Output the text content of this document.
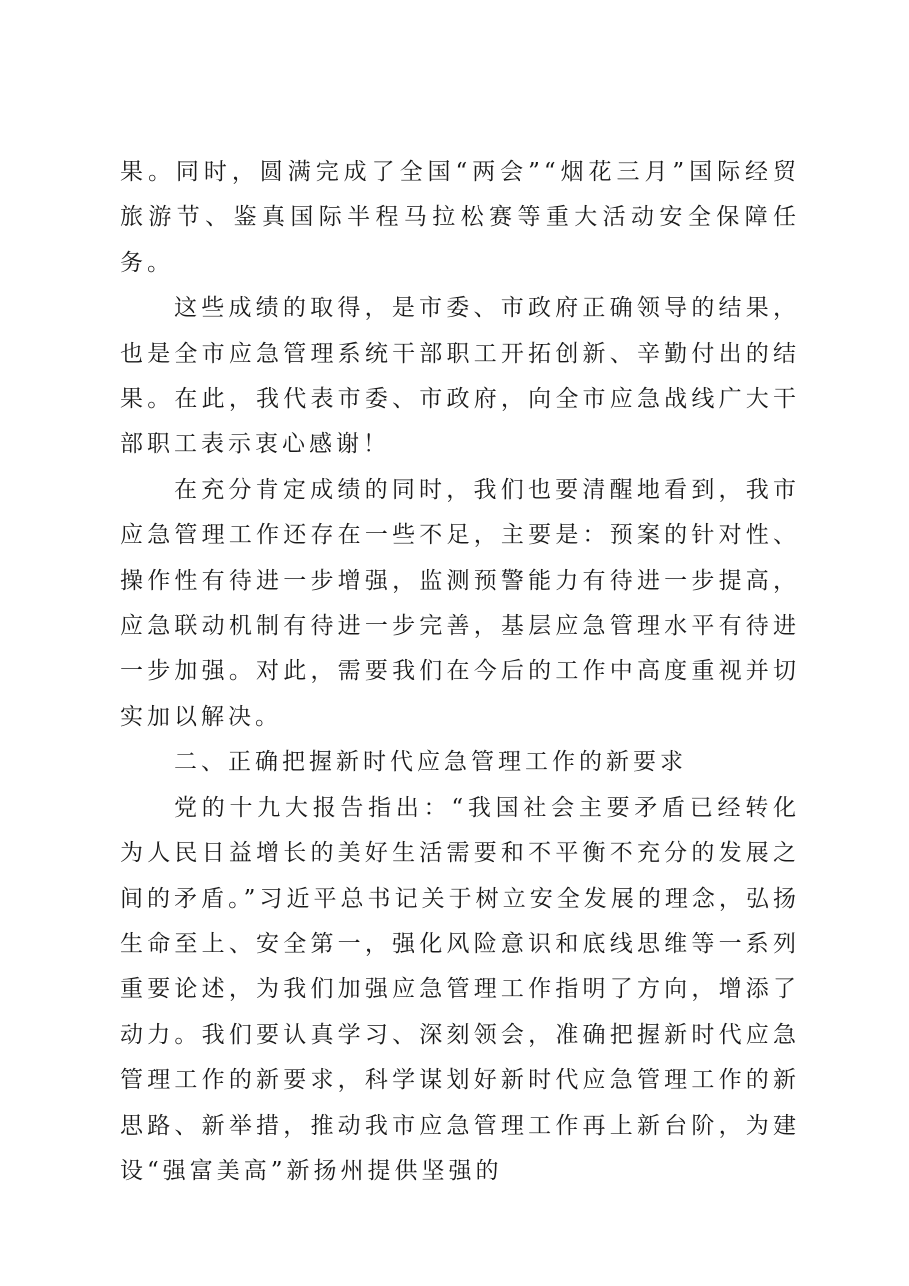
果。同时，圆满完成了全国“两会”“烟花三月”国际经贸旅游节、鉴真国际半程马拉松赛等重大活动安全保障任务。

这些成绩的取得，是市委、市政府正确领导的结果，也是全市应急管理系统干部职工开拓创新、辛勤付出的结果。在此，我代表市委、市政府，向全市应急战线广大干部职工表示衷心感谢！

在充分肯定成绩的同时，我们也要清醒地看到，我市应急管理工作还存在一些不足，主要是：预案的针对性、操作性有待进一步增强，监测预警能力有待进一步提高，应急联动机制有待进一步完善，基层应急管理水平有待进一步加强。对此，需要我们在今后的工作中高度重视并切实加以解决。

二、正确把握新时代应急管理工作的新要求

党的十九大报告指出：“我国社会主要矛盾已经转化为人民日益增长的美好生活需要和不平衡不充分的发展之间的矛盾。”习近平总书记关于树立安全发展的理念，弘扬生命至上、安全第一，强化风险意识和底线思维等一系列重要论述，为我们加强应急管理工作指明了方向，增添了动力。我们要认真学习、深刻领会，准确把握新时代应急管理工作的新要求，科学谋划好新时代应急管理工作的新思路、新举措，推动我市应急管理工作再上新台阶，为建设“强富美高”新扬州提供坚强的
